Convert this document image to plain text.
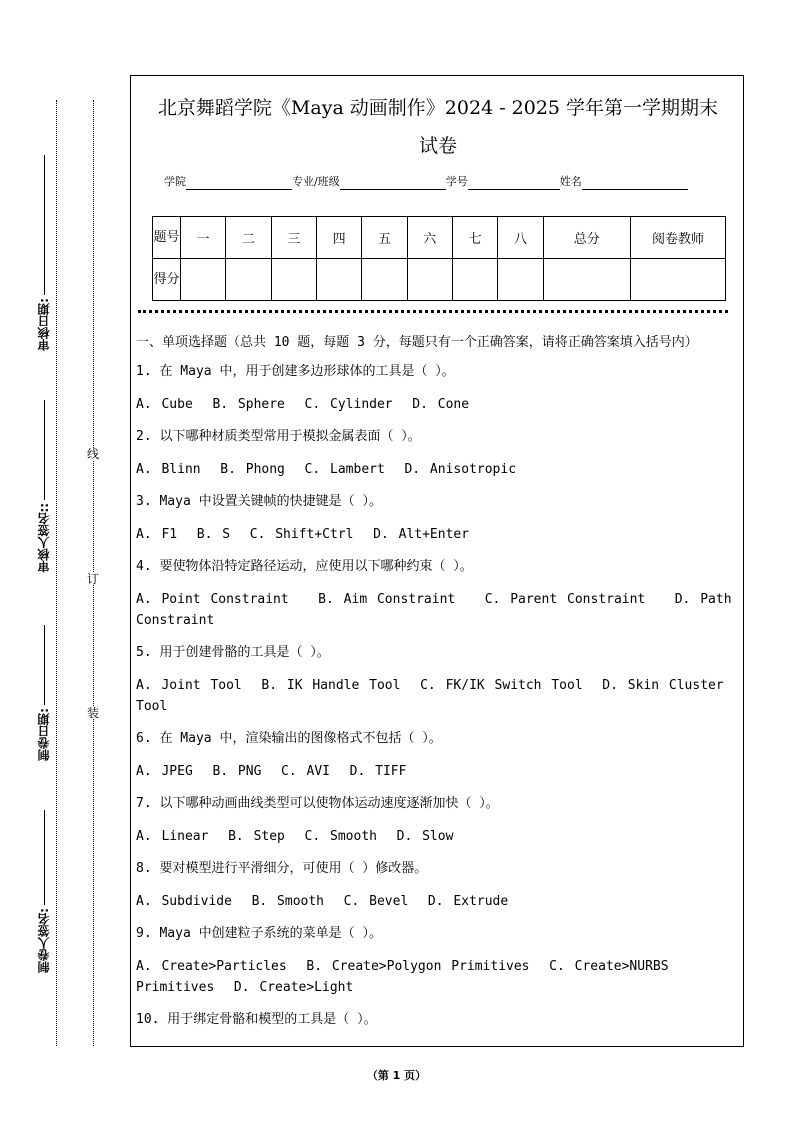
审核日期:
审核人签名::
制卷日期:
制卷人签名:
线
订
装
北京舞蹈学院《Maya 动画制作》2024 - 2025 学年第一学期期末
试卷
学院	专业/班级	学号	姓名
题号	一	二	三	四	五	六	七	八	总分	阅卷教师
得分										
一、单项选择题（总共 10 题，每题 3 分，每题只有一个正确答案，请将正确答案填入括号内）
1. 在 Maya 中，用于创建多边形球体的工具是（ ）。
A. Cube  B. Sphere  C. Cylinder  D. Cone
2. 以下哪种材质类型常用于模拟金属表面（ ）。
A. Blinn  B. Phong  C. Lambert  D. Anisotropic
3. Maya 中设置关键帧的快捷键是（ ）。
A. F1  B. S  C. Shift+Ctrl  D. Alt+Enter
4. 要使物体沿特定路径运动，应使用以下哪种约束（ ）。
A. Point Constraint   B. Aim Constraint   C. Parent Constraint   D. Path Constraint
5. 用于创建骨骼的工具是（ ）。
A. Joint Tool  B. IK Handle Tool  C. FK/IK Switch Tool  D. Skin Cluster Tool
6. 在 Maya 中，渲染输出的图像格式不包括（ ）。
A. JPEG  B. PNG  C. AVI  D. TIFF
7. 以下哪种动画曲线类型可以使物体运动速度逐渐加快（ ）。
A. Linear  B. Step  C. Smooth  D. Slow
8. 要对模型进行平滑细分，可使用（ ）修改器。
A. Subdivide  B. Smooth  C. Bevel  D. Extrude
9. Maya 中创建粒子系统的菜单是（ ）。
A. Create>Particles  B. Create>Polygon Primitives  C. Create>NURBS Primitives  D. Create>Light
10. 用于绑定骨骼和模型的工具是（ ）。
（第 1 页）
